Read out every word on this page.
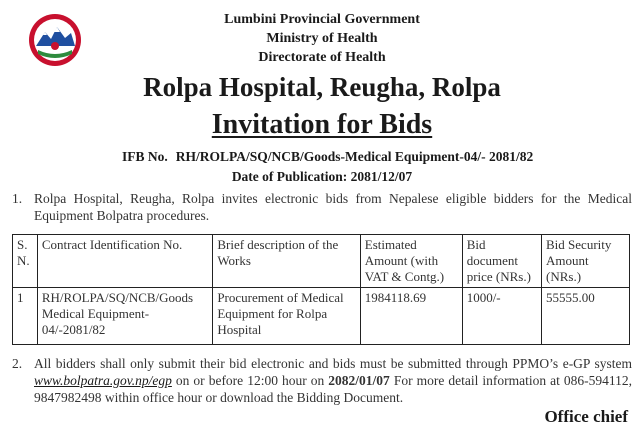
Lumbini Provincial Government
Ministry of Health
Directorate of Health
Rolpa Hospital, Reugha, Rolpa
Invitation for Bids
IFB No. RH/ROLPA/SQ/NCB/Goods-Medical Equipment-04/- 2081/82
Date of Publication: 2081/12/07
1. Rolpa Hospital, Reugha, Rolpa invites electronic bids from Nepalese eligible bidders for the Medical Equipment Bolpatra procedures.
S. N.	Contract Identification No.	Brief description of the Works	Estimated Amount (with VAT & Contg.)	Bid document price (NRs.)	Bid Security Amount (NRs.)
1	RH/ROLPA/SQ/NCB/Goods Medical Equipment-04/-2081/82	Procurement of Medical Equipment for Rolpa Hospital	1984118.69	1000/-	55555.00
2. All bidders shall only submit their bid electronic and bids must be submitted through PPMO’s e-GP system www.bolpatra.gov.np/egp on or before 12:00 hour on 2082/01/07 For more detail information at 086-594112, 9847982498 within office hour or download the Bidding Document.
Office chief
